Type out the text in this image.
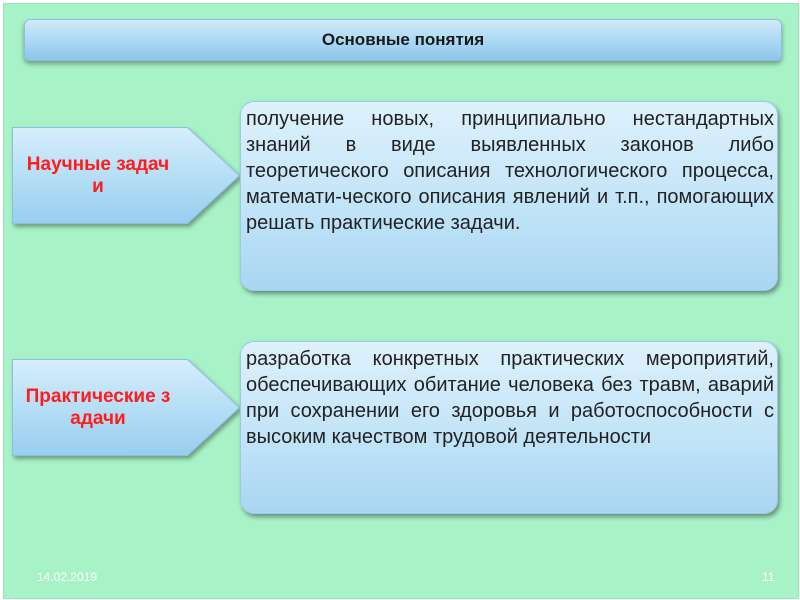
Основные понятия
Научные задачи
получение новых, принципиально нестандартных знаний в виде выявленных законов либо теоретического описания технологического процесса, математи-ческого описания явлений и т.п., помогающих решать практические задачи.
Практические задачи
разработка конкретных практических мероприятий, обеспечивающих обитание человека без травм, аварий при сохранении его здоровья и работоспособности с высоким качеством трудовой деятельности
14.02.2019	11
